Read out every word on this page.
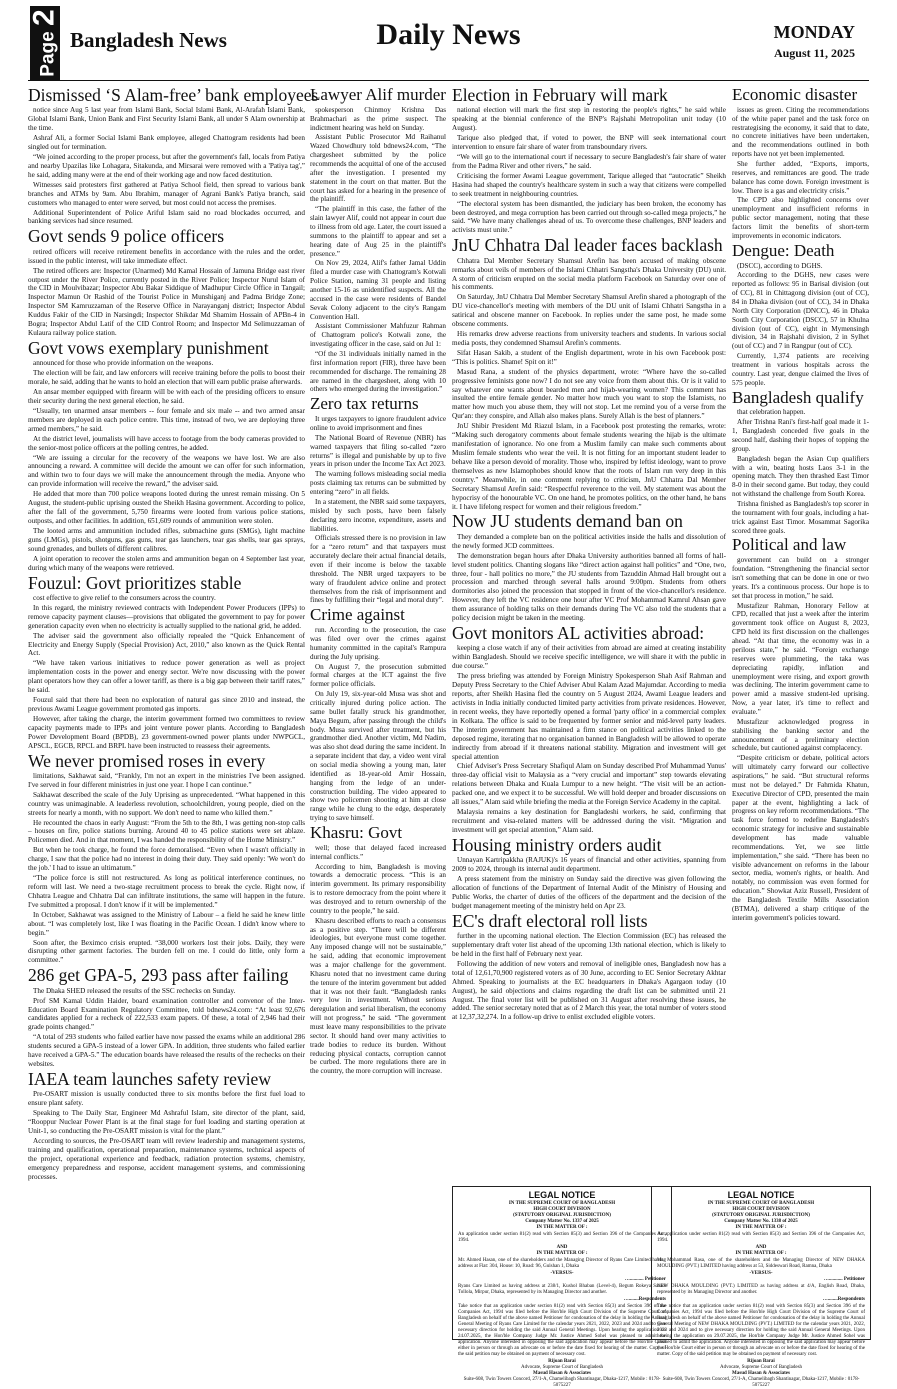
Page 2
Bangladesh News	Daily News	MONDAY
August 11, 2025
Dismissed ‘S Alam-free’ bank employees

notice since Aug 5 last year from Islami Bank, Social Islami Bank, Al-Arafah Islami Bank, Global Islami Bank, Union Bank and First Security Islami Bank, all under S Alam ownership at the time.

Ashraf Ali, a former Social Islami Bank employee, alleged Chattogram residents had been singled out for termination.

“We joined according to the proper process, but after the government's fall, locals from Patiya and nearby Upazilas like Lohagara, Sitakunda, and Mirsarai were removed with a 'Patiya tag',” he said, adding many were at the end of their working age and now faced destitution.

Witnesses said protesters first gathered at Patiya School field, then spread to various bank branches and ATMs by 9am. Abu Ibrahim, manager of Agrani Bank's Patiya branch, said customers who managed to enter were served, but most could not access the premises.

Additional Superintendent of Police Ariful Islam said no road blockades occurred, and banking services had since resumed.

Govt sends 9 police officers

retired officers will receive retirement benefits in accordance with the rules and the order, issued in the public interest, will take immediate effect.

The retired officers are: Inspector (Unarmed) Md Kamal Hossain of Jamuna Bridge east river outpost under the River Police, currently posted in the River Police; Inspector Nurul Islam of the CID in Moulvibazar; Inspector Abu Bakar Siddique of Madhupur Circle Office in Tangail; Inspector Mamun Or Rashid of the Tourist Police in Munshiganj and Padma Bridge Zone; Inspector SM Kamruzzaman of the Reserve Office in Narayanganj district; Inspector Abdul Kuddus Fakir of the CID in Narsingdi; Inspector Shikdar Md Shamim Hossain of APBn-4 in Bogra; Inspector Abdul Latif of the CID Control Room; and Inspector Md Selimuzzaman of Kulaura railway police station.

Govt vows exemplary punishment

announced for those who provide information on the weapons.

The election will be fair, and law enforcers will receive training before the polls to boost their morale, he said, adding that he wants to hold an election that will earn public praise afterwards.

An ansar member equipped with firearm will be with each of the presiding officers to ensure their security during the next general election, he said.

“Usually, ten unarmed ansar members -- four female and six male -- and two armed ansar members are deployed in each police centre. This time, instead of two, we are deploying three armed members,” he said.

At the district level, journalists will have access to footage from the body cameras provided to the senior-most police officers at the polling centres, he added.

“We are issuing a circular for the recovery of the weapons we have lost. We are also announcing a reward. A committee will decide the amount we can offer for such information, and within two to four days we will make the announcement through the media. Anyone who can provide information will receive the reward,” the adviser said.

He added that more than 700 police weapons looted during the unrest remain missing. On 5 August, the student-public uprising ousted the Sheikh Hasina government. According to police, after the fall of the government, 5,750 firearms were looted from various police stations, outposts, and other facilities. In addition, 651,609 rounds of ammunition were stolen.

The looted arms and ammunition included rifles, submachine guns (SMGs), light machine guns (LMGs), pistols, shotguns, gas guns, tear gas launchers, tear gas shells, tear gas sprays, sound grenades, and bullets of different calibres.

A joint operation to recover the stolen arms and ammunition began on 4 September last year, during which many of the weapons were retrieved.

Fouzul: Govt prioritizes stable

cost effective to give relief to the consumers across the country.

In this regard, the ministry reviewed contracts with Independent Power Producers (IPPs) to remove capacity payment clauses—provisions that obligated the government to pay for power generation capacity even when no electricity is actually supplied to the national grid, he added.

The adviser said the government also officially repealed the “Quick Enhancement of Electricity and Energy Supply (Special Provision) Act, 2010,” also known as the Quick Rental Act.

“We have taken various initiatives to reduce power generation as well as project implementation costs in the power and energy sector. We're now discussing with the power plant operators how they can offer a lower tariff, as there is a big gap between their tariff rates,” he said.

Fouzul said that there had been no exploration of natural gas since 2010 and instead, the previous Awami League government promoted gas imports.

However, after taking the charge, the interim government formed two committees to review capacity payments made to IPPs and joint venture power plants. According to Bangladesh Power Development Board (BPDB), 23 government-owned power plants under NWPGCL, APSCL, EGCB, RPCL and BRPL have been instructed to reassess their agreements.

We never promised roses in every

limitations, Sakhawat said, “Frankly, I'm not an expert in the ministries I've been assigned. I've served in four different ministries in just one year. I hope I can continue.”

Sakhawat described the scale of the July Uprising as unprecedented. “What happened in this country was unimaginable. A leaderless revolution, schoolchildren, young people, died on the streets for nearly a month, with no support. We don't need to name who killed them.”

He recounted the chaos in early August: “From the 5th to the 8th, I was getting non-stop calls – houses on fire, police stations burning. Around 40 to 45 police stations were set ablaze. Policemen died. And in that moment, I was handed the responsibility of the Home Ministry.”

But when he took charge, he found the force demoralised. “Even when I wasn't officially in charge, I saw that the police had no interest in doing their duty. They said openly: 'We won't do the job.' I had to issue an ultimatum.”

“The police force is still not restructured. As long as political interference continues, no reform will last. We need a two-stage recruitment process to break the cycle. Right now, if Chhatra League and Chhatra Dal can infiltrate institutions, the same will happen in the future. I've submitted a proposal. I don't know if it will be implemented.”

In October, Sakhawat was assigned to the Ministry of Labour – a field he said he knew little about. “I was completely lost, like I was floating in the Pacific Ocean. I didn't know where to begin.”

Soon after, the Beximco crisis erupted. “38,000 workers lost their jobs. Daily, they were disrupting other garment factories. The burden fell on me. I could do little, only form a committee.”

286 get GPA-5, 293 pass after failing

The Dhaka SHED released the results of the SSC rechecks on Sunday.

Prof SM Kamal Uddin Haider, board examination controller and convenor of the Inter-Education Board Examination Regulatory Committee, told bdnews24.com: “At least 92,676 candidates applied for a recheck of 222,533 exam papers. Of these, a total of 2,946 had their grade points changed.”

“A total of 293 students who failed earlier have now passed the exams while an additional 286 students secured a GPA-5 instead of a lower GPA. In addition, three students who failed earlier have received a GPA-5.” The education boards have released the results of the rechecks on their websites.

IAEA team launches safety review

Pre-OSART mission is usually conducted three to six months before the first fuel load to ensure plant safety.

Speaking to The Daily Star, Engineer Md Ashraful Islam, site director of the plant, said, “Rooppur Nuclear Power Plant is at the final stage for fuel loading and starting operation at Unit-1, so conducting the Pre-OSART mission is vital for the plant.”

According to sources, the Pre-OSART team will review leadership and management systems, training and qualification, operational preparation, maintenance systems, technical aspects of the project, operational experience and feedback, radiation protection systems, chemistry, emergency preparedness and response, accident management systems, and commissioning processes.

Lawyer Alif murder

spokesperson Chinmoy Krishna Das Brahmachari as the prime suspect. The indictment hearing was held on Sunday.

Assistant Public Prosecutor Md Raihanul Wazed Chowdhury told bdnews24.com, “The chargesheet submitted by the police recommends the acquittal of one of the accused after the investigation. I presented my statement in the court on that matter. But the court has asked for a hearing in the presence of the plaintiff.

“The plaintiff in this case, the father of the slain lawyer Alif, could not appear in court due to illness from old age. Later, the court issued a summons to the plaintiff to appear and set a hearing date of Aug 25 in the plaintiff's presence.”

On Nov 29, 2024, Alif's father Jamal Uddin filed a murder case with Chattogram's Kotwali Police Station, naming 31 people and listing another 15-16 as unidentified suspects. All the accused in the case were residents of Bandel Sevak Colony adjacent to the city's Rangam Convention Hall.

Assistant Commissioner Mahfuzur Rahman of Chattogram police's Kotwali zone, the investigating officer in the case, said on Jul 1:

“Of the 31 individuals initially named in the first information report (FIR), three have been recommended for discharge. The remaining 28 are named in the chargesheet, along with 10 others who emerged during the investigation.”

Zero tax returns

It urges taxpayers to ignore fraudulent advice online to avoid imprisonment and fines

The National Board of Revenue (NBR) has warned taxpayers that filing so-called “zero returns” is illegal and punishable by up to five years in prison under the Income Tax Act 2023.

The warning follows misleading social media posts claiming tax returns can be submitted by entering “zero” in all fields.

In a statement, the NBR said some taxpayers, misled by such posts, have been falsely declaring zero income, expenditure, assets and liabilities.

Officials stressed there is no provision in law for a “zero return” and that taxpayers must accurately declare their actual financial details, even if their income is below the taxable threshold. The NBR urged taxpayers to be wary of fraudulent advice online and protect themselves from the risk of imprisonment and fines by fulfilling their “legal and moral duty”.

Crime against

run. According to the prosecution, the case was filed over over the crimes against humanity committed in the capital's Rampura during the July uprising.

On August 7, the prosecution submitted formal charges at the ICT against the five former police officials.

On July 19, six-year-old Musa was shot and critically injured during police action. The same bullet fatally struck his grandmother, Maya Begum, after passing through the child's body. Musa survived after treatment, but his grandmother died. Another victim, Md Nadim, was also shot dead during the same incident. In a separate incident that day, a video went viral on social media showing a young man, later identified as 18-year-old Amir Hossain, hanging from the ledge of an under-construction building. The video appeared to show two policemen shooting at him at close range while he clung to the edge, desperately trying to save himself.

Khasru: Govt

well; those that delayed faced increased internal conflicts.”

According to him, Bangladesh is moving towards a democratic process. “This is an interim government. Its primary responsibility is to restore democracy from the point where it was destroyed and to return ownership of the country to the people,” he said.

Khasru described efforts to reach a consensus as a positive step. “There will be different ideologies, but everyone must come together. Any imposed change will not be sustainable,” he said, adding that economic improvement was a major challenge for the government. Khasru noted that no investment came during the tenure of the interim government but added that it was not their fault. “Bangladesh ranks very low in investment. Without serious deregulation and serial liberalism, the economy will not progress,” he said. “The government must leave many responsibilities to the private sector. It should hand over many activities to trade bodies to reduce its burden. Without reducing physical contacts, corruption cannot be curbed. The more regulations there are in the country, the more corruption will increase.

Election in February will mark

national election will mark the first step in restoring the people's rights,” he said while speaking at the biennial conference of the BNP's Rajshahi Metropolitan unit today (10 August).

Tarique also pledged that, if voted to power, the BNP will seek international court intervention to ensure fair share of water from transboundary rivers.

“We will go to the international court if necessary to secure Bangladesh's fair share of water from the Padma River and other rivers,” he said.

Criticising the former Awami League government, Tarique alleged that “autocratic” Sheikh Hasina had shaped the country's healthcare system in such a way that citizens were compelled to seek treatment in neighbouring countries.

“The electoral system has been dismantled, the judiciary has been broken, the economy has been destroyed, and mega corruption has been carried out through so-called mega projects,” he said. “We have many challenges ahead of us. To overcome these challenges, BNP leaders and activists must unite.”

JnU Chhatra Dal leader faces backlash

Chhatra Dal Member Secretary Shamsul Arefin has been accused of making obscene remarks about veils of members of the Islami Chhatri Sangstha's Dhaka University (DU) unit. A storm of criticism erupted on the social media platform Facebook on Saturday over one of his comments.

On Saturday, JnU Chhatra Dal Member Secretary Shamsul Arefin shared a photograph of the DU vice-chancellor's meeting with members of the DU unit of Islami Chhatri Sangstha in a satirical and obscene manner on Facebook. In replies under the same post, he made some obscene comments.

His remarks drew adverse reactions from university teachers and students. In various social media posts, they condemned Shamsul Arefin's comments.

Sifat Hasan Sakib, a student of the English department, wrote in his own Facebook post: “This is politics. Shame! Spit on it!”

Masud Rana, a student of the physics department, wrote: “Where have the so-called progressive feminists gone now? I do not see any voice from them about this. Or is it valid to say whatever one wants about bearded men and hijab-wearing women? This comment has insulted the entire female gender. No matter how much you want to stop the Islamists, no matter how much you abuse them, they will not stop. Let me remind you of a verse from the Qur'an: they conspire, and Allah also makes plans. Surely Allah is the best of planners.”

JnU Shibir President Md Riazul Islam, in a Facebook post protesting the remarks, wrote: “Making such derogatory comments about female students wearing the hijab is the ultimate manifestation of ignorance. No one from a Muslim family can make such comments about Muslim female students who wear the veil. It is not fitting for an important student leader to behave like a person devoid of morality. Those who, inspired by leftist ideology, want to prove themselves as new Islamophobes should know that the roots of Islam run very deep in this country.” Meanwhile, in one comment replying to criticism, JnU Chhatra Dal Member Secretary Shamsul Arefin said: “Respectful reverence to the veil. My statement was about the hypocrisy of the honourable VC. On one hand, he promotes politics, on the other hand, he bans it. I have lifelong respect for women and their religious freedom.”

Now JU students demand ban on

They demanded a complete ban on the political activities inside the halls and dissolution of the newly formed JCD committees.

The demonstration began hours after Dhaka University authorities banned all forms of hall-level student politics. Chanting slogans like “direct action against hall politics” and “One, two, three, four - hall politics no more,” the JU students from Tazuddin Ahmad Hall brought out a procession and marched through several halls around 9:00pm. Students from others dormitories also joined the procession that stopped in front of the vice-chancellor's residence. However, they left the VC residence one hour after VC Prof Mohammad Kamrul Ahsan gave them assurance of holding talks on their demands during The VC also told the students that a policy decision might be taken in the meeting.

Govt monitors AL activities abroad:

keeping a close watch if any of their activities from abroad are aimed at creating instability within Bangladesh. Should we receive specific intelligence, we will share it with the public in due course.”

The press briefing was attended by Foreign Ministry Spokesperson Shah Asif Rahman and Deputy Press Secretary to the Chief Adviser Abul Kalam Azad Majumdar. According to media reports, after Sheikh Hasina fled the country on 5 August 2024, Awami League leaders and activists in India initially conducted limited party activities from private residences. However, in recent weeks, they have reportedly opened a formal 'party office' in a commercial complex in Kolkata. The office is said to be frequented by former senior and mid-level party leaders. The interim government has maintained a firm stance on political activities linked to the deposed regime, iterating that no organisation banned in Bangladesh will be allowed to operate indirectly from abroad if it threatens national stability. Migration and investment will get special attention

Chief Adviser's Press Secretary Shafiqul Alam on Sunday described Prof Muhammad Yunus' three-day official visit to Malaysia as a “very crucial and important” step towards elevating relations between Dhaka and Kuala Lumpur to a new height. “The visit will be an action-packed one, and we expect it to be successful. We will hold deeper and broader discussions on all issues,” Alam said while briefing the media at the Foreign Service Academy in the capital.

Malaysia remains a key destination for Bangladeshi workers, he said, confirming that recruitment and visa-related matters will be addressed during the visit. “Migration and investment will get special attention,” Alam said.

Housing ministry orders audit

Unnayan Kartripakkha (RAJUK)'s 16 years of financial and other activities, spanning from 2009 to 2024, through its internal audit department.

A press statement from the ministry on Sunday said the directive was given following the allocation of functions of the Department of Internal Audit of the Ministry of Housing and Public Works, the charter of duties of the officers of the department and the decision of the budget management meeting of the ministry held on Apr 23.

EC's draft electoral roll lists

further in the upcoming national election. The Election Commission (EC) has released the supplementary draft voter list ahead of the upcoming 13th national election, which is likely to be held in the first half of February next year.

Following the addition of new voters and removal of ineligible ones, Bangladesh now has a total of 12,61,70,900 registered voters as of 30 June, according to EC Senior Secretary Akhtar Ahmed. Speaking to journalists at the EC headquarters in Dhaka's Agargaon today (10 August), he said objections and claims regarding the draft list can be submitted until 21 August. The final voter list will be published on 31 August after resolving these issues, he added. The senior secretary noted that as of 2 March this year, the total number of voters stood at 12,37,32,274. In a follow-up drive to enlist excluded eligible voters.

Economic disaster

issues as green. Citing the recommendations of the white paper panel and the task force on restrategising the economy, it said that to date, no concrete initiatives have been undertaken, and the recommendations outlined in both reports have not yet been implemented.

She further added, “Exports, imports, reserves, and remittances are good. The trade balance has come down. Foreign investment is low. There is a gas and electricity crisis.”

The CPD also highlighted concerns over unemployment and insufficient reforms in public sector management, noting that these factors limit the benefits of short-term improvements in economic indicators.

Dengue: Death

(DSCC), according to DGHS.

According to the DGHS, new cases were reported as follows: 95 in Barisal division (out of CC), 81 in Chittagong division (out of CC), 84 in Dhaka division (out of CC), 34 in Dhaka North City Corporation (DNCC), 46 in Dhaka South City Corporation (DSCC), 57 in Khulna division (out of CC), eight in Mymensingh division, 34 in Rajshahi division, 2 in Sylhet (out of CC) and 7 in Rangpur (out of CC).

Currently, 1,374 patients are receiving treatment in various hospitals across the country. Last year, dengue claimed the lives of 575 people.

Bangladesh qualify

that celebration happen.

After Trishna Rani's first-half goal made it 1-1, Bangladesh conceded five goals in the second half, dashing their hopes of topping the group.

Bangladesh began the Asian Cup qualifiers with a win, beating hosts Laos 3-1 in the opening match. They then thrashed East Timor 8-0 in their second game. But today, they could not withstand the challenge from South Korea.

Trishna finished as Bangladesh's top scorer in the tournament with four goals, including a hat-trick against East Timor. Mosammat Sagorika scored three goals.

Political and law

government can build on a stronger foundation. “Strengthening the financial sector isn't something that can be done in one or two years. It's a continuous process. Our hope is to set that process in motion,” he said.

Mustafizur Rahman, Honorary Fellow at CPD, recalled that just a week after the interim government took office on August 8, 2023, CPD held its first discussion on the challenges ahead. “At that time, the economy was in a perilous state,” he said. “Foreign exchange reserves were plummeting, the taka was depreciating rapidly, inflation and unemployment were rising, and export growth was declining. The interim government came to power amid a massive student-led uprising. Now, a year later, it's time to reflect and evaluate.”

Mustafizur acknowledged progress in stabilising the banking sector and the announcement of a preliminary election schedule, but cautioned against complacency.

“Despite criticism or debate, political actors will ultimately carry forward our collective aspirations,” he said. “But structural reforms must not be delayed.” Dr Fahmida Khatun, Executive Director of CPD, presented the main paper at the event, highlighting a lack of progress on key reform recommendations. “The task force formed to redefine Bangladesh's economic strategy for inclusive and sustainable development has made valuable recommendations. Yet, we see little implementation,” she said. “There has been no visible advancement on reforms in the labour sector, media, women's rights, or health. And notably, no commission was even formed for education.” Showkat Aziz Russell, President of the Bangladesh Textile Mills Association (BTMA), delivered a sharp critique of the interim government's policies toward.

LEGAL NOTICE
IN THE SUPREME COURT OF BANGLADESH
HIGH COURT DIVISION
(STATUTORY ORIGINAL JURISDICTION)
Company Matter No. 1337 of 2025
IN THE MATTER OF :
An application under section 81(2) read with Section 85(3) and Section 396 of the Companies Act, 1994.
AND
IN THE MATTER OF :
Mr. Ahmed Hasan, one of the shareholders and the Managing Director of Ryans Care Limited having address at Flat: 304, House: 10, Road: 96, Gulshan 1, Dhaka
-VERSUS-
…........... Petitioner
Ryans Care Limited as having address at 238/1, Kushol Bhaban (Level-4), Begum Rokeya Sarani Tollola, Mirpur, Dhaka, represented by its Managing Director and another.
…........Respondents
Take notice that an application under section 81(2) read with Section 85(3) and Section 396 of the Companies Act, 1994 was filed before the Hon'ble High Court Division of the Supreme Court of Bangladesh on behalf of the above named Petitioner for condonation of the delay in holding the Annual General Meeting of Ryans Care Limited for the calendar years 2021, 2022, 2023 and 2024 and to give necessary direction for holding the said Annual General Meetings. Upon hearing the application on 24.07.2025, the Hon'ble Company Judge Mr. Justice Ahmed Sohel was pleased to admit the application. Anyone interested in opposing the said application may appear before the Hon'ble Court either in person or through an advocate on or before the date fixed for hearing of the matter. Copy of the said petition may be obtained on payment of necessary cost.
Rijoan Barai
Advocate, Supreme Court of Bangladesh
Masud Hasan & Associates
Suite-608, Twin Towers Concord, 27/1-A, Chamelibagh Shantinagar, Dhaka-1217, Mobile : 0178-5075227
LEGAL NOTICE
IN THE SUPREME COURT OF BANGLADESH
HIGH COURT DIVISION
(STATUTORY ORIGINAL JURISDICTION)
Company Matter No. 1338 of 2025
IN THE MATTER OF :
An application under section 81(2) read with Section 85(3) and Section 396 of the Companies Act, 1994.
AND
IN THE MATTER OF :
Mr. Mohammad Rasa, one of the shareholders and the Managing Director of NEW DHAKA MOULDING (PVT.) LIMITED having address at 53, Siddeswari Road, Ramna, Dhaka
-VERSUS-
…........... Petitioner
NEW DHAKA MOULDING (PVT.) LIMITED as having address at 4/A, English Road, Dhaka, represented by its Managing Director and another.
…........Respondents
Take notice that an application under section 81(2) read with Section 85(3) and Section 396 of the Companies Act, 1994 was filed before the Hon'ble High Court Division of the Supreme Court of Bangladesh on behalf of the above named Petitioner for condonation of the delay in holding the Annual General Meeting of NEW DHAKA MOULDING (PVT.) LIMITED for the calendar years 2021, 2022, 2023 and 2024 and to give necessary direction for holding the said Annual General Meetings. Upon hearing the application on 29.07.2025, the Hon'ble Company Judge Mr. Justice Ahmed Sohel was pleased to admit the application. Anyone interested in opposing the said application may appear before the Hon'ble Court either in person or through an advocate on or before the date fixed for hearing of the matter. Copy of the said petition may be obtained on payment of necessary cost.
Rijoan Barai
Advocate, Supreme Court of Bangladesh
Masud Hasan & Associates
Suite-608, Twin Towers Concord, 27/1-A, Chamelibagh Shantinagar, Dhaka-1217, Mobile : 0178-5075227
